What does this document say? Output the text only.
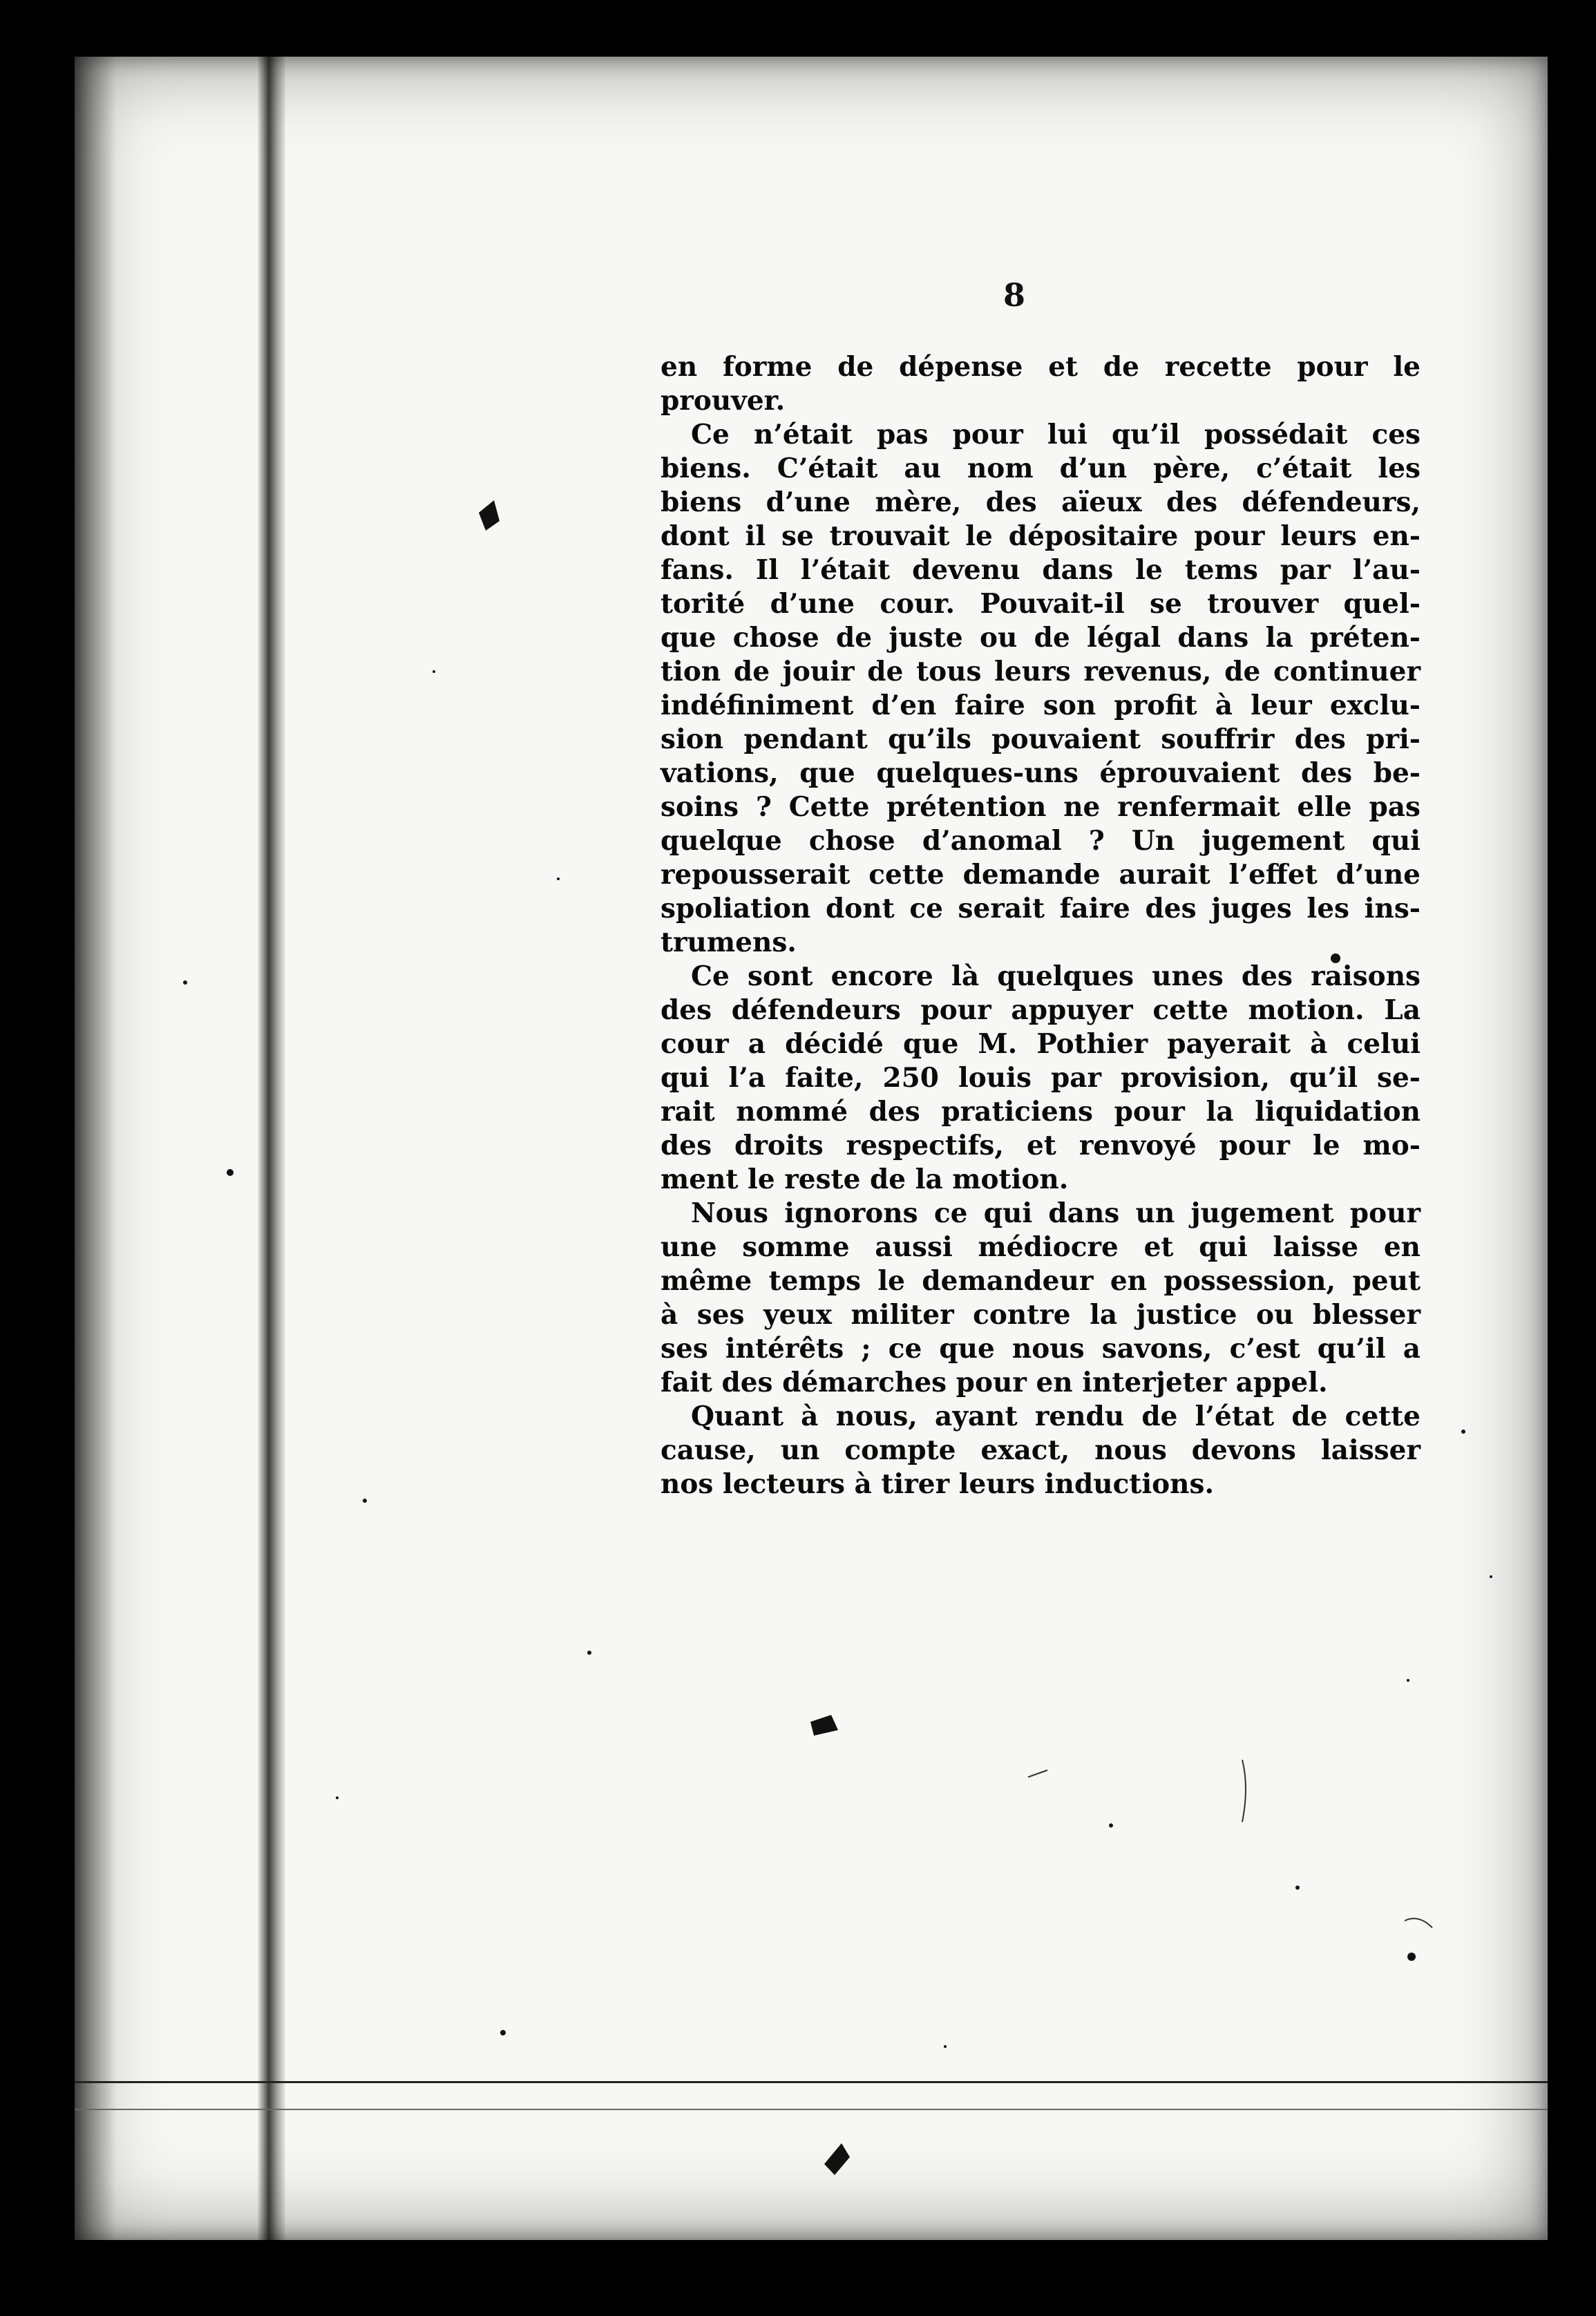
8
en forme de dépense et de recette pour le
prouver.
Ce n’était pas pour lui qu’il possédait ces
biens. C’était au nom d’un père, c’était les
biens d’une mère, des aïeux des défendeurs,
dont il se trouvait le dépositaire pour leurs en-
fans. Il l’était devenu dans le tems par l’au-
torité d’une cour. Pouvait-il se trouver quel-
que chose de juste ou de légal dans la préten-
tion de jouir de tous leurs revenus, de continuer
indéfiniment d’en faire son profit à leur exclu-
sion pendant qu’ils pouvaient souffrir des pri-
vations, que quelques-uns éprouvaient des be-
soins ? Cette prétention ne renfermait elle pas
quelque chose d’anomal ? Un jugement qui
repousserait cette demande aurait l’effet d’une
spoliation dont ce serait faire des juges les ins-
trumens.
Ce sont encore là quelques unes des raisons
des défendeurs pour appuyer cette motion. La
cour a décidé que M. Pothier payerait à celui
qui l’a faite, 250 louis par provision, qu’il se-
rait nommé des praticiens pour la liquidation
des droits respectifs, et renvoyé pour le mo-
ment le reste de la motion.
Nous ignorons ce qui dans un jugement pour
une somme aussi médiocre et qui laisse en
même temps le demandeur en possession, peut
à ses yeux militer contre la justice ou blesser
ses intérêts ; ce que nous savons, c’est qu’il a
fait des démarches pour en interjeter appel.
Quant à nous, ayant rendu de l’état de cette
cause, un compte exact, nous devons laisser
nos lecteurs à tirer leurs inductions.
